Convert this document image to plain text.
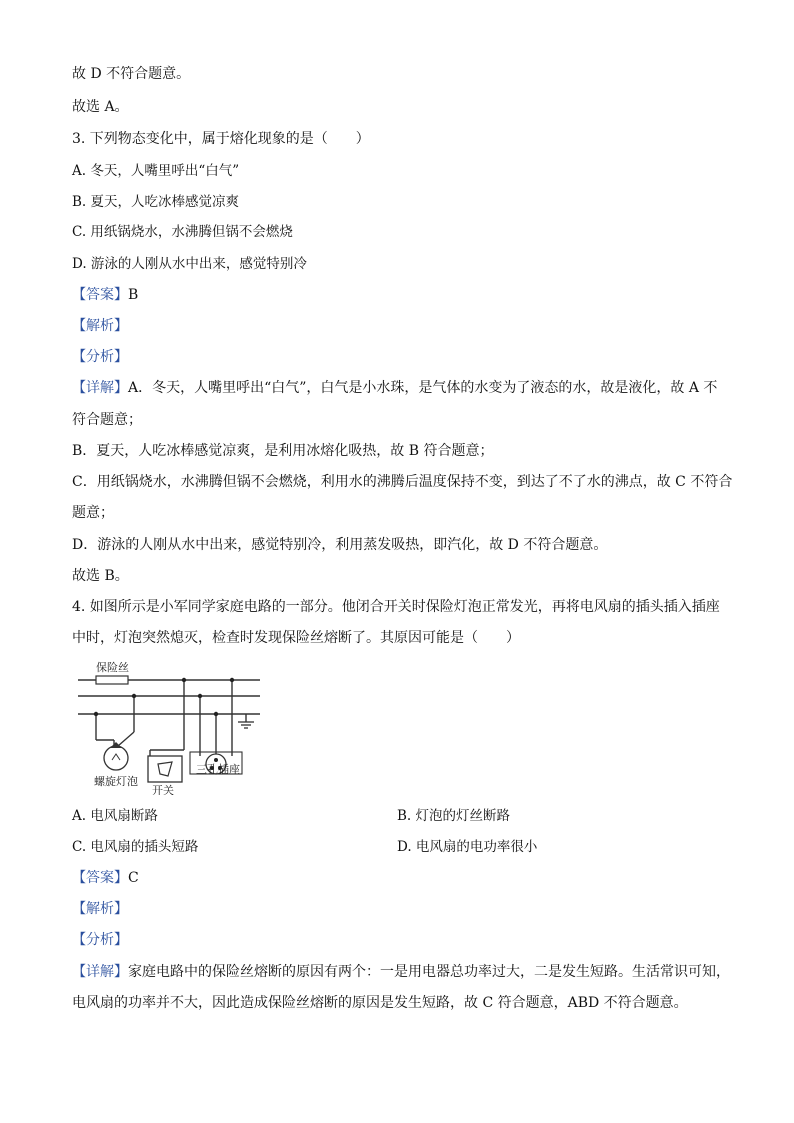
故 D 不符合题意。
故选 A。
3. 下列物态变化中，属于熔化现象的是（　　）
A. 冬天，人嘴里呼出“白气”
B. 夏天，人吃冰棒感觉凉爽
C. 用纸锅烧水，水沸腾但锅不会燃烧
D. 游泳的人刚从水中出来，感觉特别冷
【答案】B
【解析】
【分析】
【详解】A．冬天，人嘴里呼出“白气”，白气是小水珠，是气体的水变为了液态的水，故是液化，故 A 不
符合题意；
B．夏天，人吃冰棒感觉凉爽，是利用冰熔化吸热，故 B 符合题意；
C．用纸锅烧水，水沸腾但锅不会燃烧，利用水的沸腾后温度保持不变，到达了不了水的沸点，故 C 不符合
题意；
D．游泳的人刚从水中出来，感觉特别冷，利用蒸发吸热，即汽化，故 D 不符合题意。
故选 B。
4. 如图所示是小军同学家庭电路的一部分。他闭合开关时保险灯泡正常发光，再将电风扇的插头插入插座
中时，灯泡突然熄灭，检查时发现保险丝熔断了。其原因可能是（　　）
保险丝
螺旋灯泡
开关
三孔插座
A. 电风扇断路	B. 灯泡的灯丝断路
C. 电风扇的插头短路	D. 电风扇的电功率很小
【答案】C
【解析】
【分析】
【详解】家庭电路中的保险丝熔断的原因有两个：一是用电器总功率过大，二是发生短路。生活常识可知，
电风扇的功率并不大，因此造成保险丝熔断的原因是发生短路，故 C 符合题意，ABD 不符合题意。
